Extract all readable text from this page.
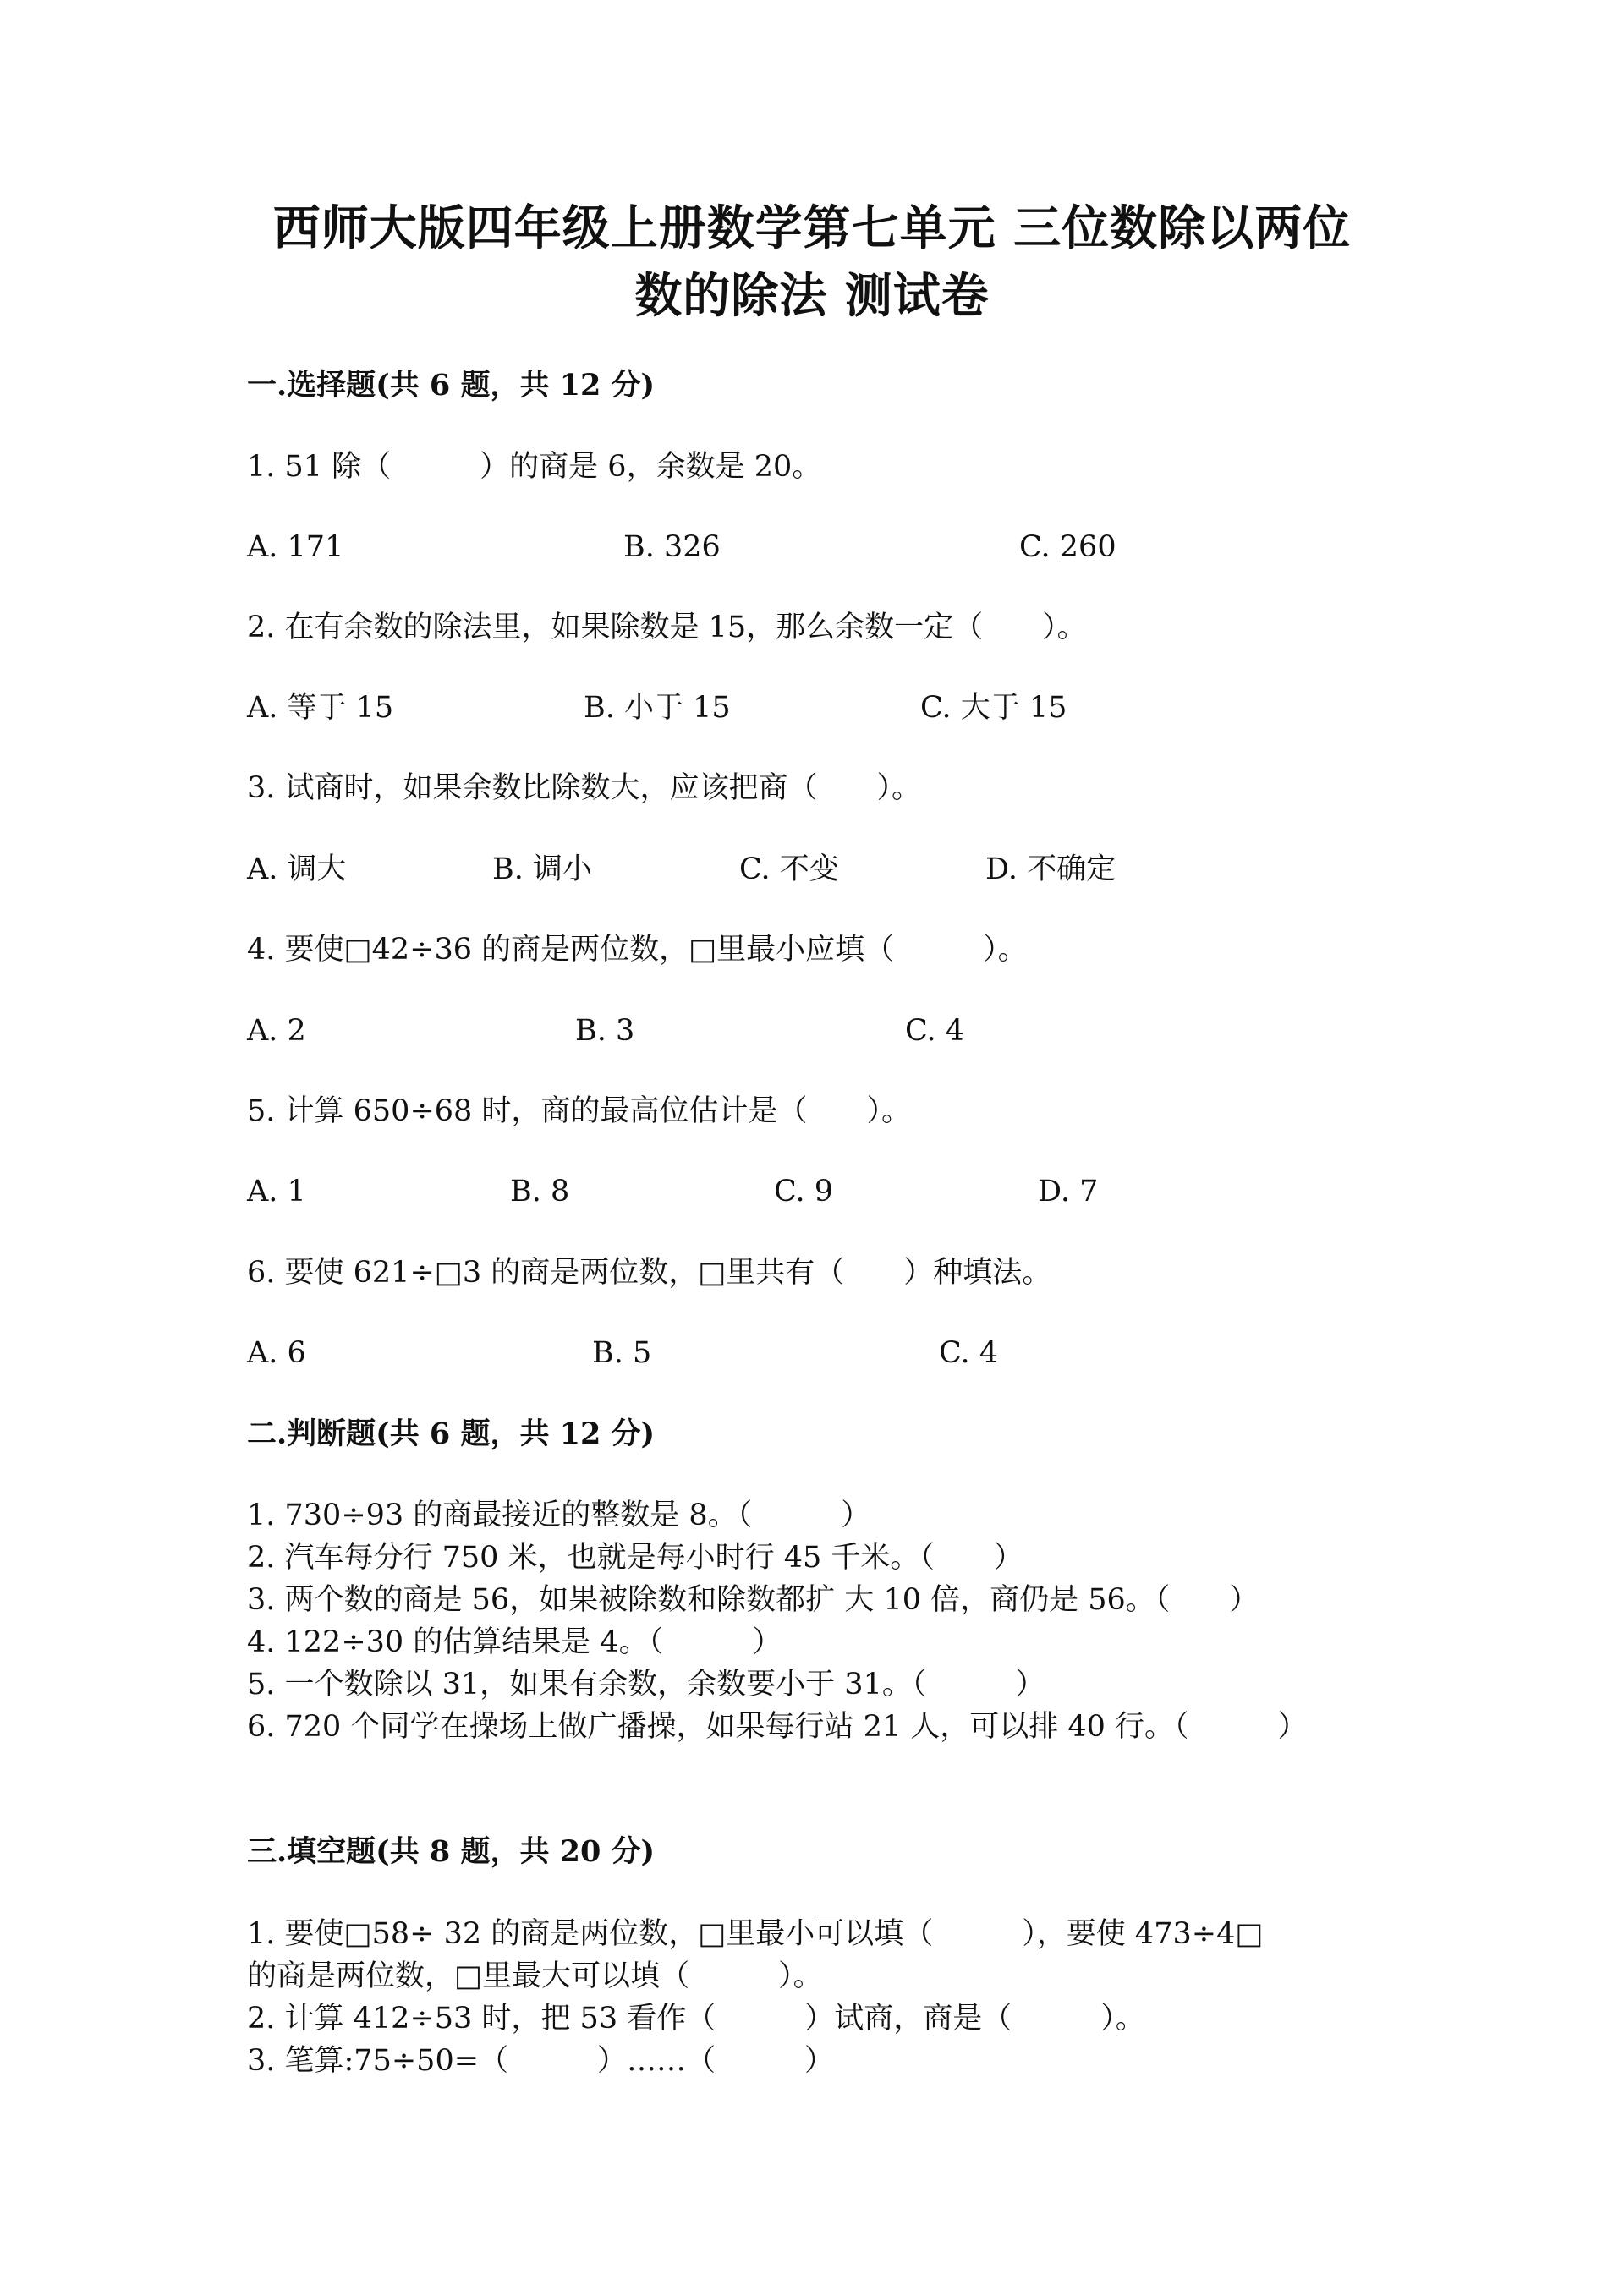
西师大版四年级上册数学第七单元 三位数除以两位
数的除法 测试卷
一.选择题(共 6 题，共 12 分)
1. 51 除（　　　）的商是 6，余数是 20。
A. 171	B. 326	C. 260
2. 在有余数的除法里，如果除数是 15，那么余数一定（　　）。
A. 等于 15	B. 小于 15	C. 大于 15
3. 试商时，如果余数比除数大，应该把商（　　）。
A. 调大	B. 调小	C. 不变	D. 不确定
4. 要使□42÷36 的商是两位数，□里最小应填（　　　）。
A. 2	B. 3	C. 4
5. 计算 650÷68 时，商的最高位估计是（　　）。
A. 1	B. 8	C. 9	D. 7
6. 要使 621÷□3 的商是两位数，□里共有（　　）种填法。
A. 6	B. 5	C. 4
二.判断题(共 6 题，共 12 分)
1. 730÷93 的商最接近的整数是 8。（　　　）
2. 汽车每分行 750 米，也就是每小时行 45 千米。（　　）
3. 两个数的商是 56，如果被除数和除数都扩 大 10 倍，商仍是 56。（　　）
4. 122÷30 的估算结果是 4。（　　　）
5. 一个数除以 31，如果有余数，余数要小于 31。（　　　）
6. 720 个同学在操场上做广播操，如果每行站 21 人，可以排 40 行。（　　　）
三.填空题(共 8 题，共 20 分)
1. 要使□58÷ 32 的商是两位数，□里最小可以填（　　　），要使 473÷4□
的商是两位数，□里最大可以填（　　　）。
2. 计算 412÷53 时，把 53 看作（　　　）试商，商是（　　　）。
3. 笔算:75÷50=（　　　）……（　　　）
